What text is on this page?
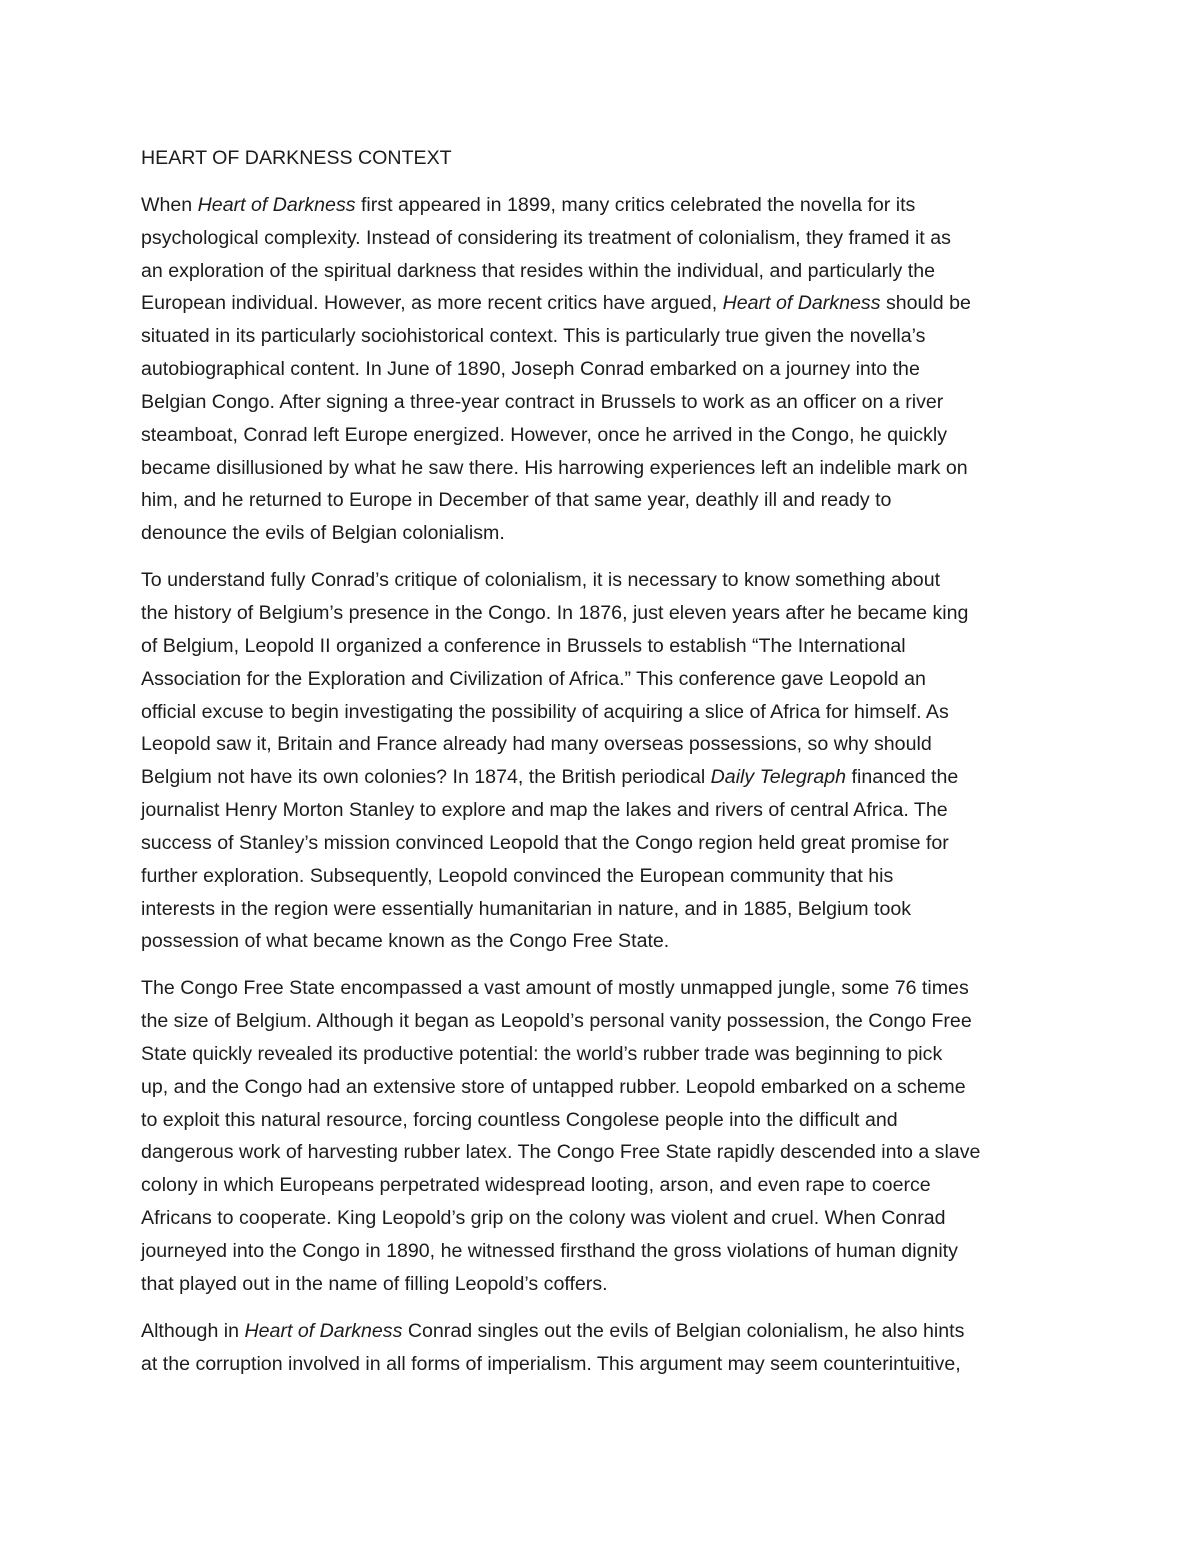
HEART OF DARKNESS CONTEXT
When Heart of Darkness first appeared in 1899, many critics celebrated the novella for its
psychological complexity. Instead of considering its treatment of colonialism, they framed it as
an exploration of the spiritual darkness that resides within the individual, and particularly the
European individual. However, as more recent critics have argued, Heart of Darkness should be
situated in its particularly sociohistorical context. This is particularly true given the novella’s
autobiographical content. In June of 1890, Joseph Conrad embarked on a journey into the
Belgian Congo. After signing a three-year contract in Brussels to work as an officer on a river
steamboat, Conrad left Europe energized. However, once he arrived in the Congo, he quickly
became disillusioned by what he saw there. His harrowing experiences left an indelible mark on
him, and he returned to Europe in December of that same year, deathly ill and ready to
denounce the evils of Belgian colonialism.
To understand fully Conrad’s critique of colonialism, it is necessary to know something about
the history of Belgium’s presence in the Congo. In 1876, just eleven years after he became king
of Belgium, Leopold II organized a conference in Brussels to establish “The International
Association for the Exploration and Civilization of Africa.” This conference gave Leopold an
official excuse to begin investigating the possibility of acquiring a slice of Africa for himself. As
Leopold saw it, Britain and France already had many overseas possessions, so why should
Belgium not have its own colonies? In 1874, the British periodical Daily Telegraph financed the
journalist Henry Morton Stanley to explore and map the lakes and rivers of central Africa. The
success of Stanley’s mission convinced Leopold that the Congo region held great promise for
further exploration. Subsequently, Leopold convinced the European community that his
interests in the region were essentially humanitarian in nature, and in 1885, Belgium took
possession of what became known as the Congo Free State.
The Congo Free State encompassed a vast amount of mostly unmapped jungle, some 76 times
the size of Belgium. Although it began as Leopold’s personal vanity possession, the Congo Free
State quickly revealed its productive potential: the world’s rubber trade was beginning to pick
up, and the Congo had an extensive store of untapped rubber. Leopold embarked on a scheme
to exploit this natural resource, forcing countless Congolese people into the difficult and
dangerous work of harvesting rubber latex. The Congo Free State rapidly descended into a slave
colony in which Europeans perpetrated widespread looting, arson, and even rape to coerce
Africans to cooperate. King Leopold’s grip on the colony was violent and cruel. When Conrad
journeyed into the Congo in 1890, he witnessed firsthand the gross violations of human dignity
that played out in the name of filling Leopold’s coffers.
Although in Heart of Darkness Conrad singles out the evils of Belgian colonialism, he also hints
at the corruption involved in all forms of imperialism. This argument may seem counterintuitive,
